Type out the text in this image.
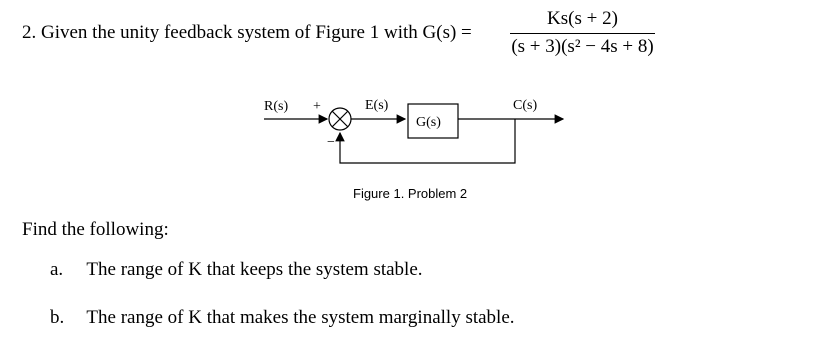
2. Given the unity feedback system of Figure 1 with G(s) =
Ks(s + 2)
(s + 3)(s² − 4s + 8)
R(s) +
−
E(s)
G(s)
C(s)
Figure 1. Problem 2
Find the following:
a. The range of K that keeps the system stable.
b. The range of K that makes the system marginally stable.
